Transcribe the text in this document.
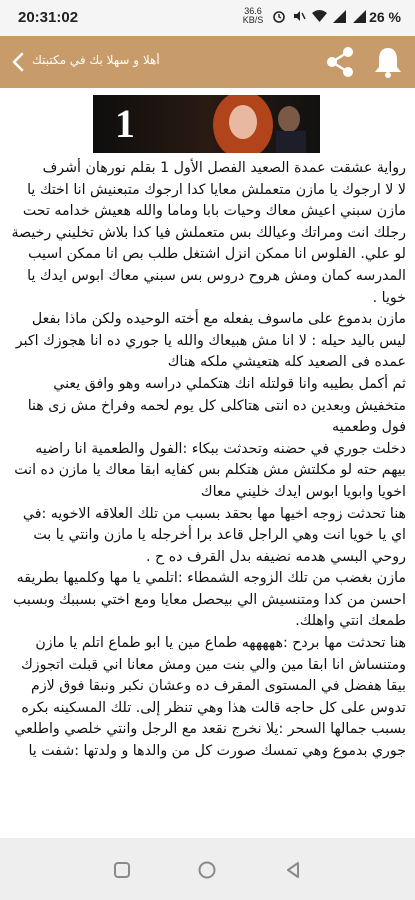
20:31:02	36.6 KB/S	26 %
أهلا و سهلا بك في مكتبتك
1

رواية عشقت عمدة الصعيد الفصل الأول 1 بقلم نورهان أشرف

لا لا ارجوك يا مازن متعملش معايا كدا ارجوك متبعنيش انا اختك يا مازن سبني اعيش معاك وحيات بابا وماما والله هعيش خدامه تحت رجلك انت ومراتك وعيالك بس متعملش فيا كدا بلاش تخليني رخيصة لو علي. الفلوس انا ممكن انزل اشتغل طلب بص انا ممكن اسيب المدرسه كمان ومش هروح دروس بس سبني معاك ابوس ايدك يا خويا .

مازن بدموع على ماسوف يفعله مع أخته الوحيده ولكن ماذا بفعل ليس باليد حيله : لا انا مش هبيعاك والله يا جوري ده انا هجوزك اكبر عمده فى الصعيد كله هتعيشي ملكه هناك

ثم أكمل بطيبه وانا قولتله انك هتكملي دراسه وهو وافق يعني متخفيش وبعدين ده انتى هتاكلى كل يوم لحمه وفراخ مش زى هنا فول وطعميه

دخلت جوري في حضنه وتحدثت ببكاء :الفول والطعمية انا راضيه بيهم حته لو مكلتش مش هتكلم بس كفايه ابقا معاك يا مازن ده انت اخويا وابويا ابوس ايدك خليني معاك

هنا تحدثت زوجه اخيها مها بحقد بسبب من تلك العلاقه الاخويه :في اي يا خويا انت وهي الراجل قاعد برا أخرجله يا مازن وانتي يا بت روحي البسي هدمه نضيفه بدل القرف ده ح .

مازن بغضب من تلك الزوجه الشمطاء :اتلمي يا مها وكلميها بطريقه احسن من كدا ومتنسيش الي بيحصل معايا ومع اختي بسببك وبسبب طمعك انتي واهلك.

هنا تحدثت مها بردح :هههههه طماع مين يا ابو طماع اتلم يا مازن ومتنساش انا ابقا مين والي بنت مين ومش معانا اني قبلت اتجوزك بيقا هفضل في المستوى المقرف ده وعشان نكبر ونبقا فوق لازم تدوس على كل حاجه قالت هذا وهي تنظر إلى. تلك المسكينه بكره بسبب جمالها السحر :يلا نخرج نقعد مع الرجل وانتي خلصي واطلعي

جوري بدموع وهي تمسك صورت كل من والدها و ولدتها :شفت يا
